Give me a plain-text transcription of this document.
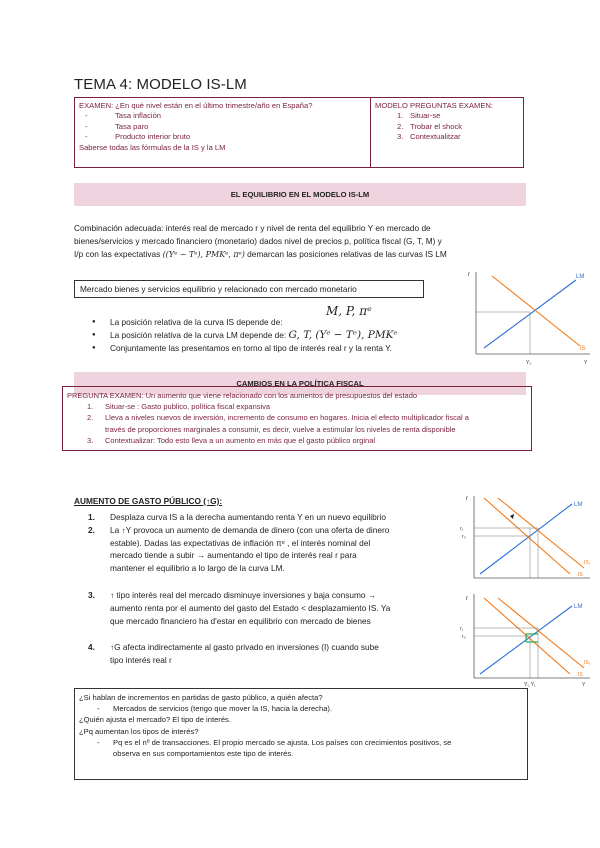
TEMA 4: MODELO IS-LM
EXAMEN: ¿En qué nivel están en el último trimestre/año en España?
- Tasa inflación
- Tasa paro
- Producto interior bruto
Saberse todas las fórmulas de la IS y la LM
MODELO PREGUNTAS EXAMEN:
1. Situar-se
2. Trobar el shock
3. Contextualitzar
EL EQUILIBRIO EN EL MODELO IS-LM
Combinación adecuada: interés real de mercado r y nivel de renta del equilibrio Y en mercado de
bienes/servicios y mercado financiero (monetario) dados nivel de precios p, política fiscal (G, T, M) y
I/p con las expectativas ((Yᵉ − Tᵉ), PMKᵉ, πᵉ) demarcan las posiciones relativas de las curvas IS LM
Mercado bienes y servicios equilibrio y relacionado con mercado monetario
M, P, πᵉ
● La posición relativa de la curva IS depende de:
● La posición relativa de la curva LM depende de: G, T, (Yᵉ − Tᵉ), PMKᵉ
● Conjuntamente las presentamos en torno al tipo de interés real r y la renta Y.
r	LM
IS
Y₀	Y
CAMBIOS EN LA POLÍTICA FISCAL
PREGUNTA EXAMEN: Un aumento que viene relacionado con los aumentos de presupuestos del estado
1. Situar-se : Gasto publico, política fiscal expansiva
2. Lleva a niveles nuevos de inversión, incremento de consumo en hogares. Inicia el efecto multiplicador fiscal a
través de proporciones marginales a consumir, es decir, vuelve a estimular los niveles de renta disponible
3. Contextualizar: Todo esto lleva a un aumento en más que el gasto público orginal
AUMENTO DE GASTO PÚBLICO (↑G):
1. Desplaza curva IS a la derecha aumentando renta Y en un nuevo equilibrio
2. La ↑Y provoca un aumento de demanda de dinero (con una oferta de dinero
estable). Dadas las expectativas de inflación πᵉ , el interés nominal del
mercado tiende a subir → aumentando el tipo de interés real r para
mantener el equilibrio a lo largo de la curva LM.
3. ↑ tipo interés real del mercado disminuye inversiones y baja consumo →
aumento renta por el aumento del gasto del Estado < desplazamiento IS. Ya
que mercado financiero ha d'estar en equilibrio con mercado de bienes
4. ↑G afecta indirectamente al gasto privado en inversiones (I) cuando sube
tipo interés real r
r
r₁
r₀
LM
IS₁
IS
r
r₁
r₀
LM
IS₁
IS
Y₀ Y₁	Y
¿Si hablan de incrementos en partidas de gasto público, a quién afecta?
- Mercados de servicios (tengo que mover la IS, hacia la derecha).
¿Quién ajusta el mercado? El tipo de interés.
¿Pq aumentan los tipos de interés?
- Pq es el nº de transacciones. El propio mercado se ajusta. Los países con crecimientos positivos, se
observa en sus comportamientos este tipo de interés.
